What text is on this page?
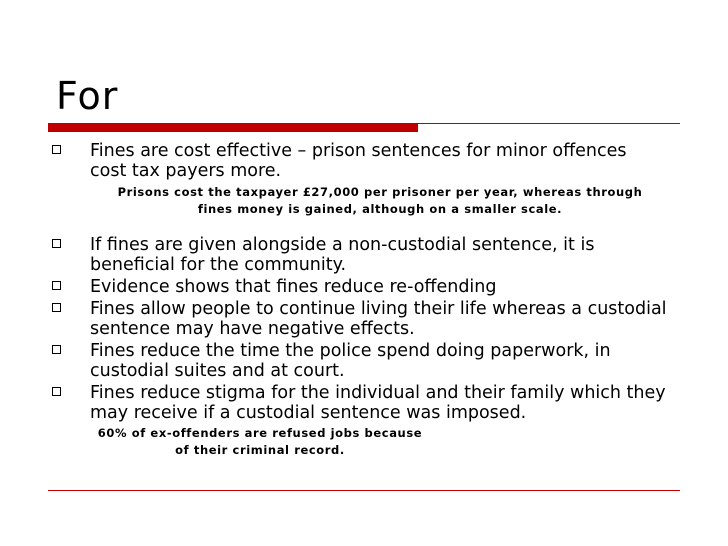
For
Fines are cost effective – prison sentences for minor offences cost tax payers more.
Prisons cost the taxpayer £27,000 per prisoner per year, whereas through fines money is gained, although on a smaller scale.
If fines are given alongside a non-custodial sentence, it is beneficial for the community.
Evidence shows that fines reduce re-offending
Fines allow people to continue living their life whereas a custodial sentence may have negative effects.
Fines reduce the time the police spend doing paperwork, in custodial suites and at court.
Fines reduce stigma for the individual and their family which they may receive if a custodial sentence was imposed.
60% of ex-offenders are refused jobs because of their criminal record.
